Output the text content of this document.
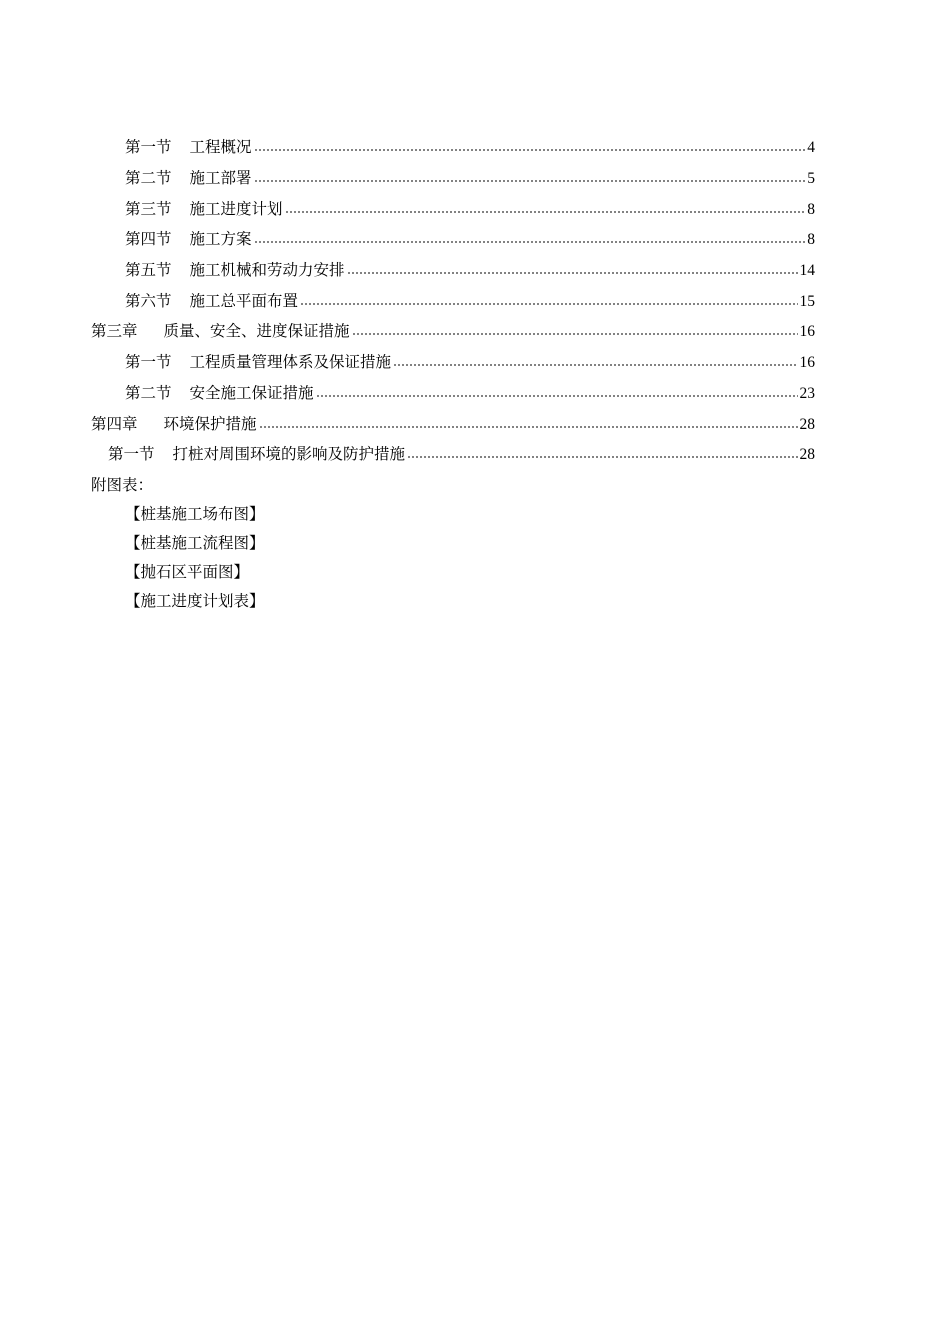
第一节 工程概况	4
第二节 施工部署	5
第三节 施工进度计划	8
第四节 施工方案	8
第五节 施工机械和劳动力安排	14
第六节 施工总平面布置	15
第三章 质量、安全、进度保证措施	16
第一节 工程质量管理体系及保证措施	16
第二节 安全施工保证措施	23
第四章 环境保护措施	28
第一节 打桩对周围环境的影响及防护措施	28
附图表：
【桩基施工场布图】
【桩基施工流程图】
【抛石区平面图】
【施工进度计划表】
